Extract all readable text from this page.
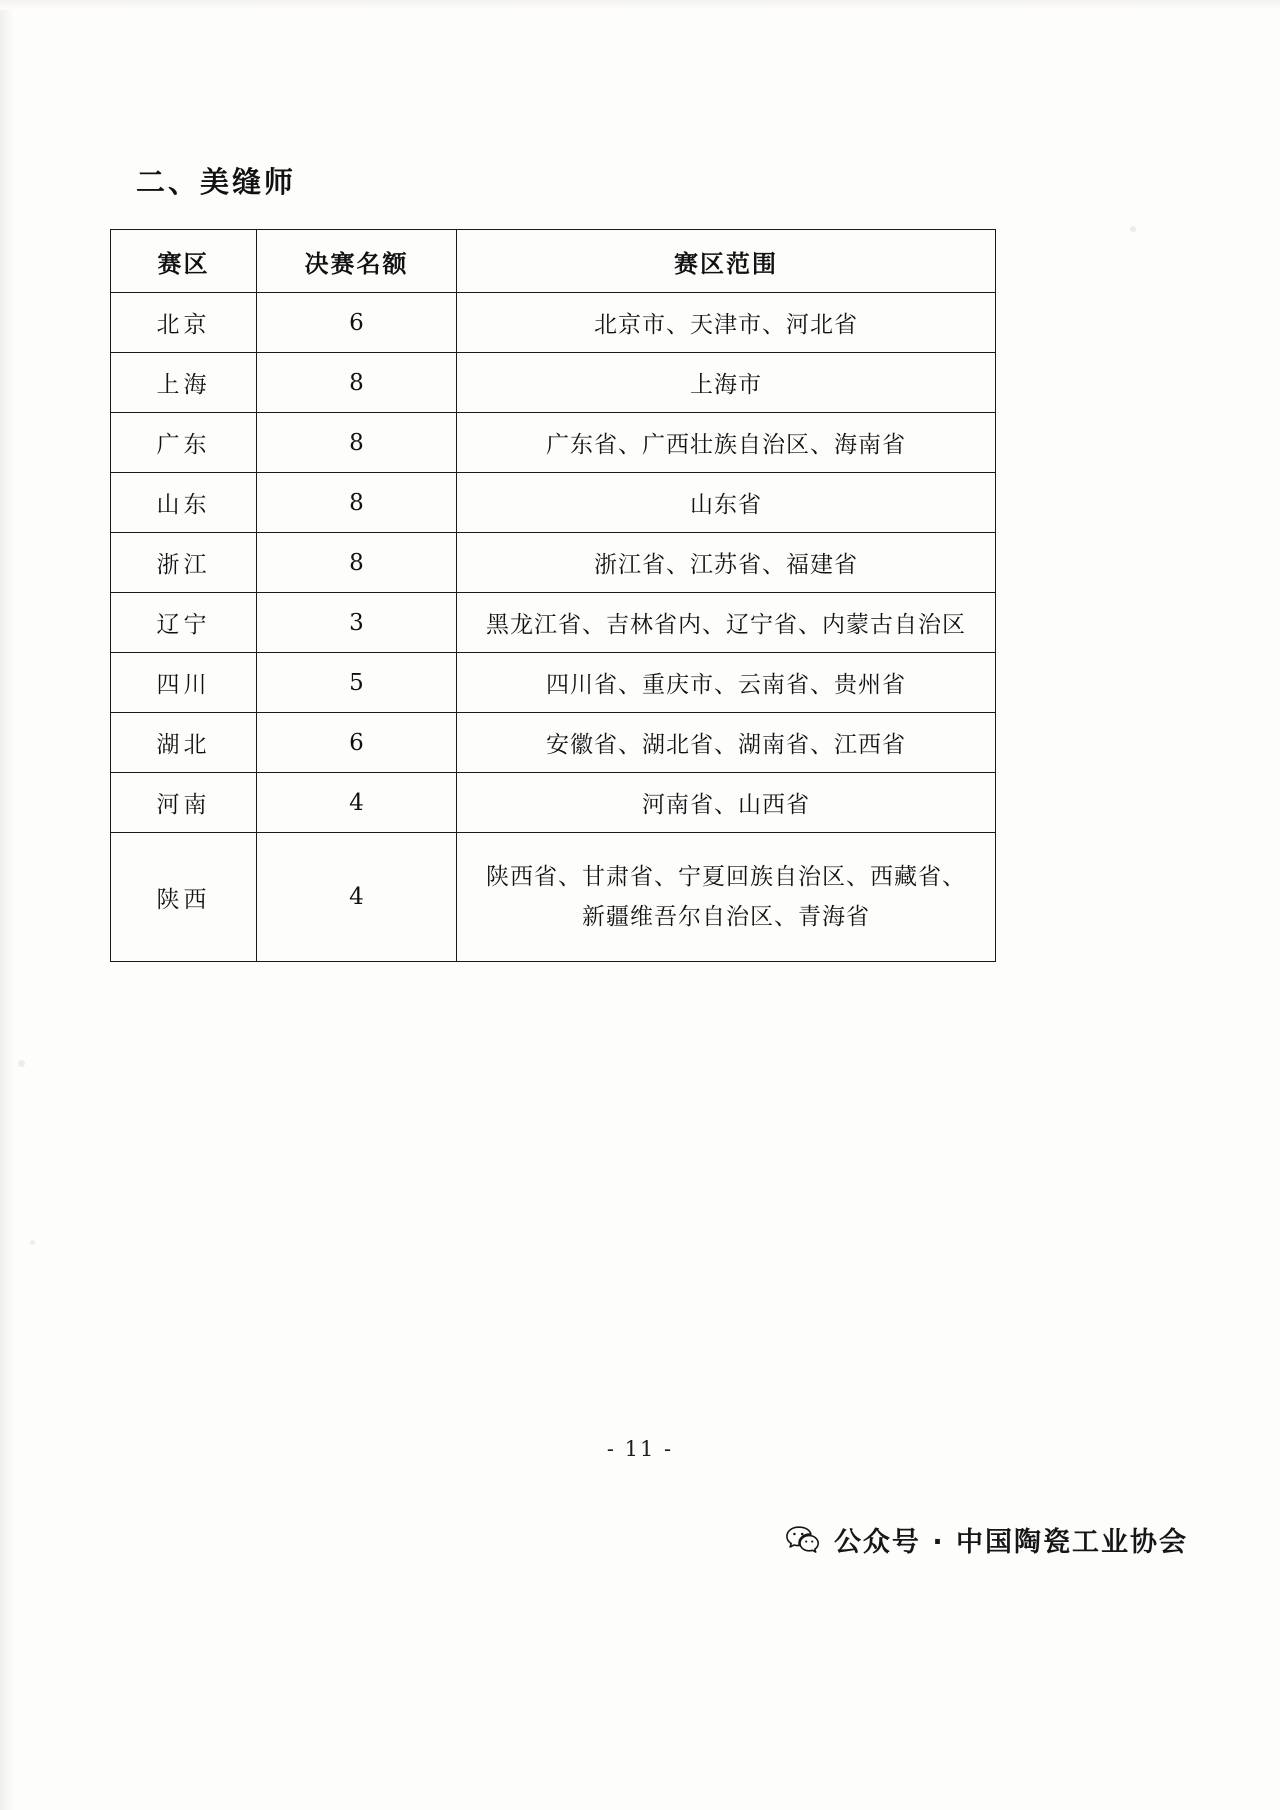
二、美缝师
赛区	决赛名额	赛区范围
北京	6	北京市、天津市、河北省
上海	8	上海市
广东	8	广东省、广西壮族自治区、海南省
山东	8	山东省
浙江	8	浙江省、江苏省、福建省
辽宁	3	黑龙江省、吉林省内、辽宁省、内蒙古自治区
四川	5	四川省、重庆市、云南省、贵州省
湖北	6	安徽省、湖北省、湖南省、江西省
河南	4	河南省、山西省
陕西	4	陕西省、甘肃省、宁夏回族自治区、西藏省、
新疆维吾尔自治区、青海省
- 11 -
公众号 · 中国陶瓷工业协会
